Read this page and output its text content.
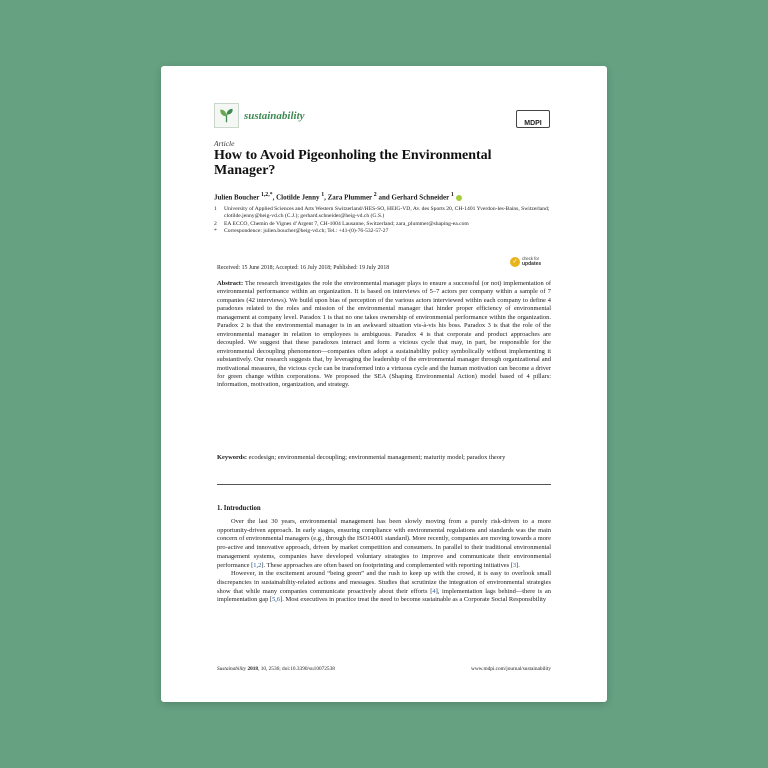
sustainability
MDPI
Article
How to Avoid Pigeonholing the Environmental Manager?
Julien Boucher $^{1,2,*}$, Clotilde Jenny $^1$, Zara Plummer $^2$ and Gerhard Schneider $^1$
1	University of Applied Sciences and Arts Western Switzerland//HES-SO, HEIG-VD, Av. des Sports 20, CH-1401 Yverdon-les-Bains, Switzerland; clotilde.jenny@heig-vd.ch (C.J.); gerhard.schneider@heig-vd.ch (G.S.)
2	EA ECCO, Chemin de Vignes d’Argent 7, CH-1004 Lausanne, Switzerland; zara_plummer@shaping-ea.com
*	Correspondence: julien.boucher@heig-vd.ch; Tel.: +41-(0)-76-532-57-27
Received: 15 June 2018; Accepted: 16 July 2018; Published: 19 July 2018
✓
check for
updates
Abstract: The research investigates the role the environmental manager plays to ensure a successful (or not) implementation of environmental performance within an organization. It is based on interviews of 5–7 actors per company within a sample of 7 companies (42 interviews). We build upon bias of perception of the various actors interviewed within each company to define 4 paradoxes related to the roles and mission of the environmental manager that hinder proper efficiency of environmental management at company level. Paradox 1 is that no one takes ownership of environmental performance within the organization. Paradox 2 is that the environmental manager is in an awkward situation vis-à-vis his boss. Paradox 3 is that the role of the environmental manager in relation to employees is ambiguous. Paradox 4 is that corporate and product approaches are decoupled. We suggest that these paradoxes interact and form a vicious cycle that may, in part, be responsible for the environmental decoupling phenomenon—companies often adopt a sustainability policy symbolically without implementing it substantively. Our research suggests that, by leveraging the leadership of the environmental manager through organizational and motivational measures, the vicious cycle can be transformed into a virtuous cycle and the human motivation can become a driver for green change within corporations. We proposed the SEA (Shaping Environmental Action) model based of 4 pillars: information, motivation, organization, and strategy.
Keywords: ecodesign; environmental decoupling; environmental management; maturity model; paradox theory
1. Introduction

Over the last 30 years, environmental management has been slowly moving from a purely risk-driven to a more opportunity-driven approach. In early stages, ensuring compliance with environmental regulations and standards was the main concern of environmental managers (e.g., through the ISO14001 standard). More recently, companies are moving towards a more pro-active and innovative approach, driven by market competition and consumers. In parallel to their traditional environmental management systems, companies have developed voluntary strategies to improve and communicate their environmental performance [1,2]. These approaches are often based on footprinting and complemented with reporting initiatives [3].

However, in the excitement around “being green” and the rush to keep up with the crowd, it is easy to overlook small discrepancies in sustainability-related actions and messages. Studies that scrutinize the integration of environmental strategies show that while many companies communicate proactively about their efforts [4], implementation lags behind—there is an implementation gap [5,6]. Most executives in practice treat the need to become sustainable as a Corporate Social Responsibility

Sustainability 2018, 10, 2536; doi:10.3390/su10072538	www.mdpi.com/journal/sustainability
